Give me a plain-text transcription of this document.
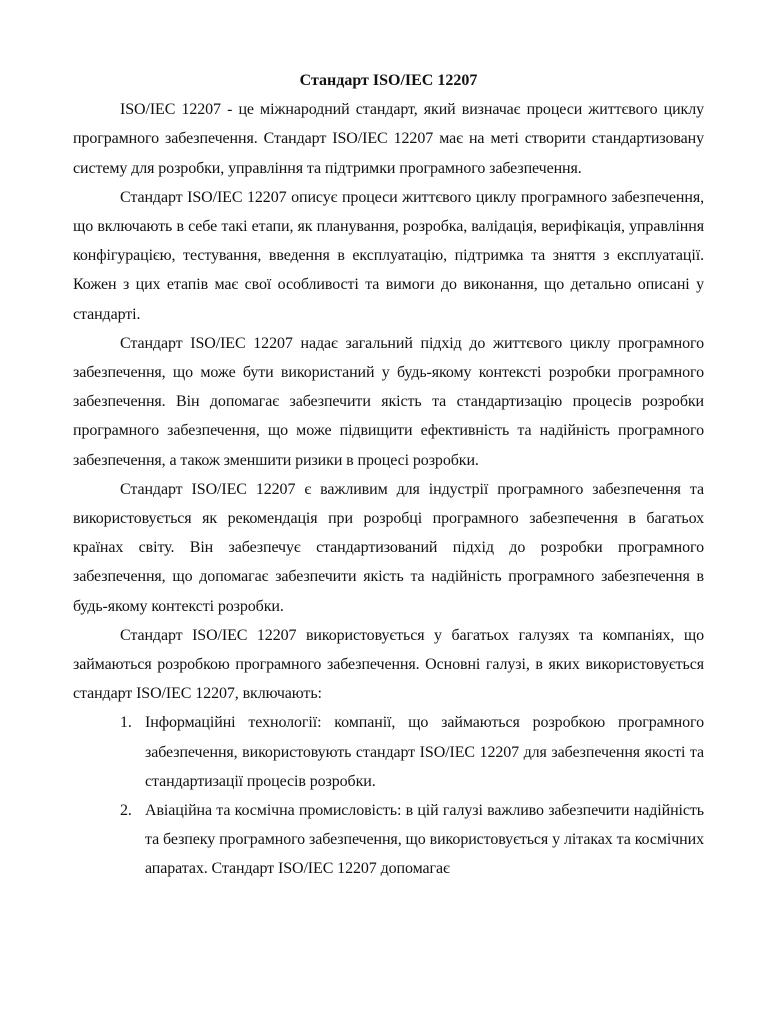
Стандарт ISO/IEC 12207

ISO/IEC 12207 - це міжнародний стандарт, який визначає процеси життєвого циклу програмного забезпечення. Стандарт ISO/IEC 12207 має на меті створити стандартизовану систему для розробки, управління та підтримки програмного забезпечення.

Стандарт ISO/IEC 12207 описує процеси життєвого циклу програмного забезпечення, що включають в себе такі етапи, як планування, розробка, валідація, верифікація, управління конфігурацією, тестування, введення в експлуатацію, підтримка та зняття з експлуатації. Кожен з цих етапів має свої особливості та вимоги до виконання, що детально описані у стандарті.

Стандарт ISO/IEC 12207 надає загальний підхід до життєвого циклу програмного забезпечення, що може бути використаний у будь-якому контексті розробки програмного забезпечення. Він допомагає забезпечити якість та стандартизацію процесів розробки програмного забезпечення, що може підвищити ефективність та надійність програмного забезпечення, а також зменшити ризики в процесі розробки.

Стандарт ISO/IEC 12207 є важливим для індустрії програмного забезпечення та використовується як рекомендація при розробці програмного забезпечення в багатьох країнах світу. Він забезпечує стандартизований підхід до розробки програмного забезпечення, що допомагає забезпечити якість та надійність програмного забезпечення в будь-якому контексті розробки.

Стандарт ISO/IEC 12207 використовується у багатьох галузях та компаніях, що займаються розробкою програмного забезпечення. Основні галузі, в яких використовується стандарт ISO/IEC 12207, включають:

1. Інформаційні технології: компанії, що займаються розробкою програмного забезпечення, використовують стандарт ISO/IEC 12207 для забезпечення якості та стандартизації процесів розробки.
2. Авіаційна та космічна промисловість: в цій галузі важливо забезпечити надійність та безпеку програмного забезпечення, що використовується у літаках та космічних апаратах. Стандарт ISO/IEC 12207 допомагає
